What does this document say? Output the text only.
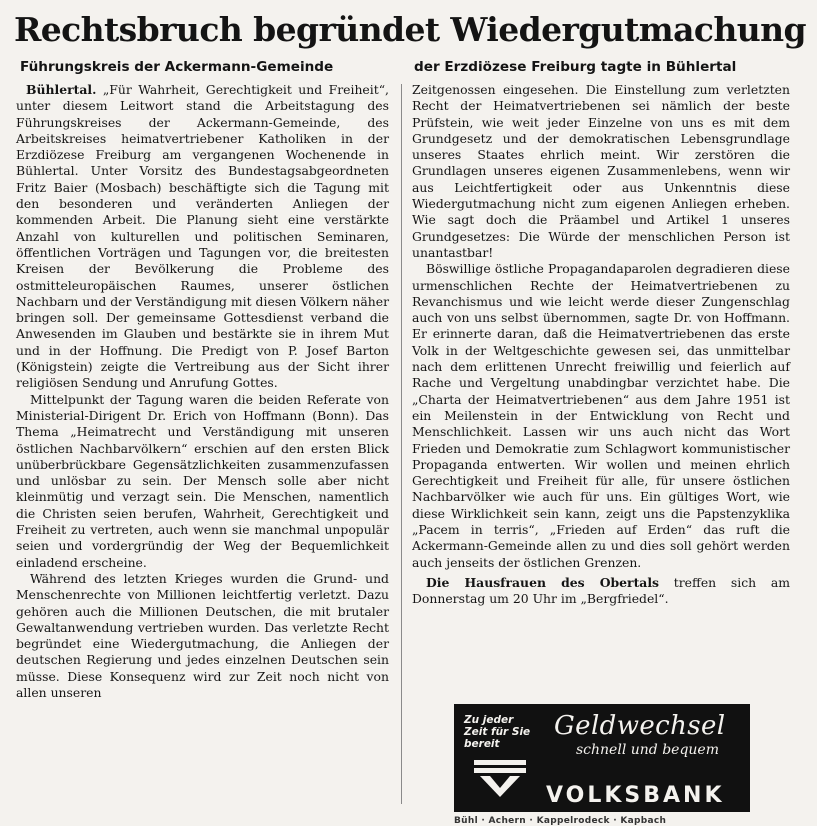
Rechtsbruch begründet Wiedergutmachung
Führungskreis der Ackermann-Gemeinde	der Erzdiözese Freiburg tagte in Bühlertal

Bühlertal. „Für Wahrheit, Gerechtigkeit und Freiheit“, unter diesem Leitwort stand die Arbeitstagung des Führungskreises der Ackermann-Gemeinde, des Arbeitskreises heimatvertriebener Katholiken in der Erzdiözese Freiburg am vergangenen Wochenende in Bühlertal. Unter Vorsitz des Bundestagsabgeordneten Fritz Baier (Mosbach) beschäftigte sich die Tagung mit den besonderen und veränderten Anliegen der kommenden Arbeit. Die Planung sieht eine verstärkte Anzahl von kulturellen und politischen Seminaren, öffentlichen Vorträgen und Tagungen vor, die breitesten Kreisen der Bevölkerung die Probleme des ostmitteleuropäischen Raumes, unserer östlichen Nachbarn und der Verständigung mit diesen Völkern näher bringen soll. Der gemeinsame Gottesdienst verband die Anwesenden im Glauben und bestärkte sie in ihrem Mut und in der Hoffnung. Die Predigt von P. Josef Barton (Königstein) zeigte die Vertreibung aus der Sicht ihrer religiösen Sendung und Anrufung Gottes.

Mittelpunkt der Tagung waren die beiden Referate von Ministerial-Dirigent Dr. Erich von Hoffmann (Bonn). Das Thema „Heimatrecht und Verständigung mit unseren östlichen Nachbarvölkern“ erschien auf den ersten Blick unüberbrückbare Gegensätzlichkeiten zusammenzufassen und unlösbar zu sein. Der Mensch solle aber nicht kleinmütig und verzagt sein. Die Menschen, namentlich die Christen seien berufen, Wahrheit, Gerechtigkeit und Freiheit zu vertreten, auch wenn sie manchmal unpopulär seien und vordergründig der Weg der Bequemlichkeit einladend erscheine.

Während des letzten Krieges wurden die Grund- und Menschenrechte von Millionen leichtfertig verletzt. Dazu gehören auch die Millionen Deutschen, die mit brutaler Gewaltanwendung vertrieben wurden. Das verletzte Recht begründet eine Wiedergutmachung, die Anliegen der deutschen Regierung und jedes einzelnen Deutschen sein müsse. Diese Konsequenz wird zur Zeit noch nicht von allen unseren

Zeitgenossen eingesehen. Die Einstellung zum verletzten Recht der Heimatvertriebenen sei nämlich der beste Prüfstein, wie weit jeder Einzelne von uns es mit dem Grundgesetz und der demokratischen Lebensgrundlage unseres Staates ehrlich meint. Wir zerstören die Grundlagen unseres eigenen Zusammenlebens, wenn wir aus Leichtfertigkeit oder aus Unkenntnis diese Wiedergutmachung nicht zum eigenen Anliegen erheben. Wie sagt doch die Präambel und Artikel 1 unseres Grundgesetzes: Die Würde der menschlichen Person ist unantastbar!

Böswillige östliche Propagandaparolen degradieren diese urmenschlichen Rechte der Heimatvertriebenen zu Revanchismus und wie leicht werde dieser Zungenschlag auch von uns selbst übernommen, sagte Dr. von Hoffmann. Er erinnerte daran, daß die Heimatvertriebenen das erste Volk in der Weltgeschichte gewesen sei, das unmittelbar nach dem erlittenen Unrecht freiwillig und feierlich auf Rache und Vergeltung unabdingbar verzichtet habe. Die „Charta der Heimatvertriebenen“ aus dem Jahre 1951 ist ein Meilenstein in der Entwicklung von Recht und Menschlichkeit. Lassen wir uns auch nicht das Wort Frieden und Demokratie zum Schlagwort kommunistischer Propaganda entwerten. Wir wollen und meinen ehrlich Gerechtigkeit und Freiheit für alle, für unsere östlichen Nachbarvölker wie auch für uns. Ein gültiges Wort, wie diese Wirklichkeit sein kann, zeigt uns die Papstenzyklika „Pacem in terris“, „Frieden auf Erden“ das ruft die Ackermann-Gemeinde allen zu und dies soll gehört werden auch jenseits der östlichen Grenzen.

Die Hausfrauen des Obertals treffen sich am Donnerstag um 20 Uhr im „Bergfriedel“.

Zu jeder Zeit für Sie bereit
Geldwechsel
schnell und bequem
VOLKSBANK
Bühl · Achern · Kappelrodeck · Kapbach
